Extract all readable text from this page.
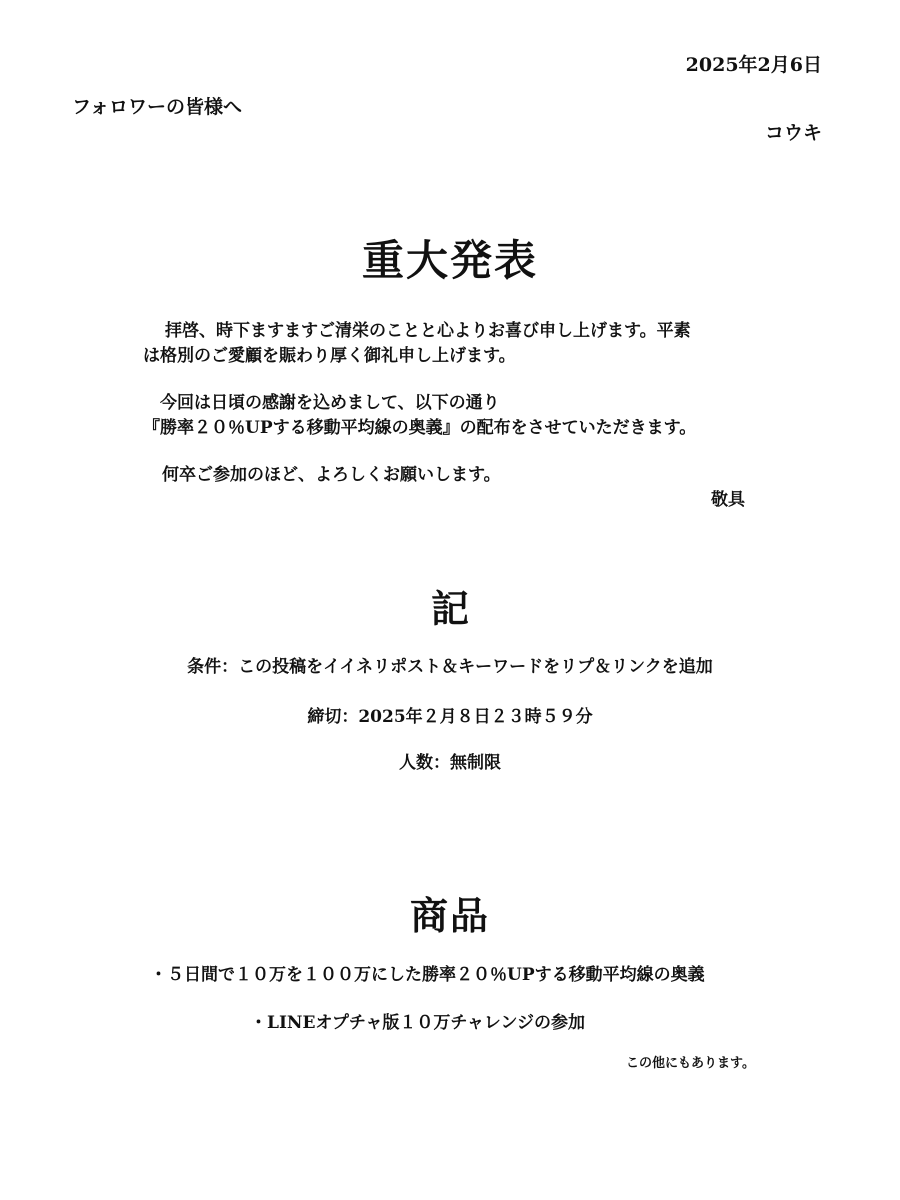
2025年2月6日
フォロワーの皆様へ
コウキ
重大発表
拝啓、時下ますますご清栄のことと心よりお喜び申し上げます。平素
は格別のご愛顧を賑わり厚く御礼申し上げます。
今回は日頃の感謝を込めまして、以下の通り
『勝率２０％UPする移動平均線の奥義』の配布をさせていただきます。
何卒ご参加のほど、よろしくお願いします。
敬具
記
条件：この投稿をイイネリポスト＆キーワードをリプ＆リンクを追加
締切：2025年２月８日２３時５９分
人数：無制限
商品
・５日間で１０万を１００万にした勝率２０％UPする移動平均線の奥義
・LINEオプチャ版１０万チャレンジの参加
この他にもあります。
